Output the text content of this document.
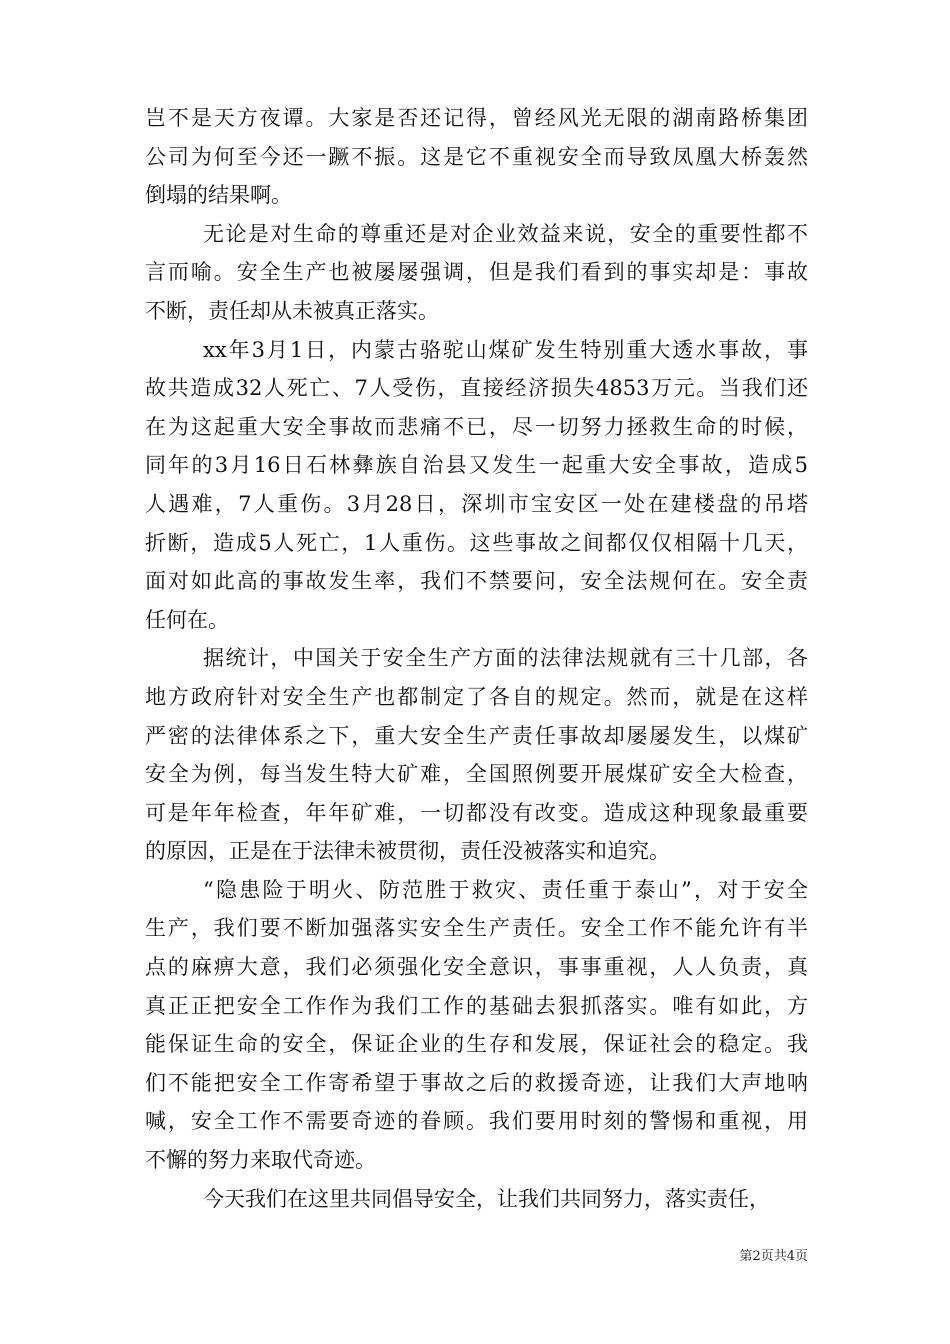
岂不是天方夜谭。大家是否还记得，曾经风光无限的湖南路桥集团
公司为何至今还一蹶不振。这是它不重视安全而导致凤凰大桥轰然
倒塌的结果啊。
无论是对生命的尊重还是对企业效益来说，安全的重要性都不
言而喻。安全生产也被屡屡强调，但是我们看到的事实却是：事故
不断，责任却从未被真正落实。
xx年3月1日，内蒙古骆驼山煤矿发生特别重大透水事故，事
故共造成32人死亡、7人受伤，直接经济损失4853万元。当我们还
在为这起重大安全事故而悲痛不已，尽一切努力拯救生命的时候，
同年的3月16日石林彝族自治县又发生一起重大安全事故，造成5
人遇难，7人重伤。3月28日，深圳市宝安区一处在建楼盘的吊塔
折断，造成5人死亡，1人重伤。这些事故之间都仅仅相隔十几天，
面对如此高的事故发生率，我们不禁要问，安全法规何在。安全责
任何在。
据统计，中国关于安全生产方面的法律法规就有三十几部，各
地方政府针对安全生产也都制定了各自的规定。然而，就是在这样
严密的法律体系之下，重大安全生产责任事故却屡屡发生，以煤矿
安全为例，每当发生特大矿难，全国照例要开展煤矿安全大检查，
可是年年检查，年年矿难，一切都没有改变。造成这种现象最重要
的原因，正是在于法律未被贯彻，责任没被落实和追究。
“隐患险于明火、防范胜于救灾、责任重于泰山”，对于安全
生产，我们要不断加强落实安全生产责任。安全工作不能允许有半
点的麻痹大意，我们必须强化安全意识，事事重视，人人负责，真
真正正把安全工作作为我们工作的基础去狠抓落实。唯有如此，方
能保证生命的安全，保证企业的生存和发展，保证社会的稳定。我
们不能把安全工作寄希望于事故之后的救援奇迹，让我们大声地呐
喊，安全工作不需要奇迹的眷顾。我们要用时刻的警惕和重视，用
不懈的努力来取代奇迹。
今天我们在这里共同倡导安全，让我们共同努力，落实责任，
第2页共4页
